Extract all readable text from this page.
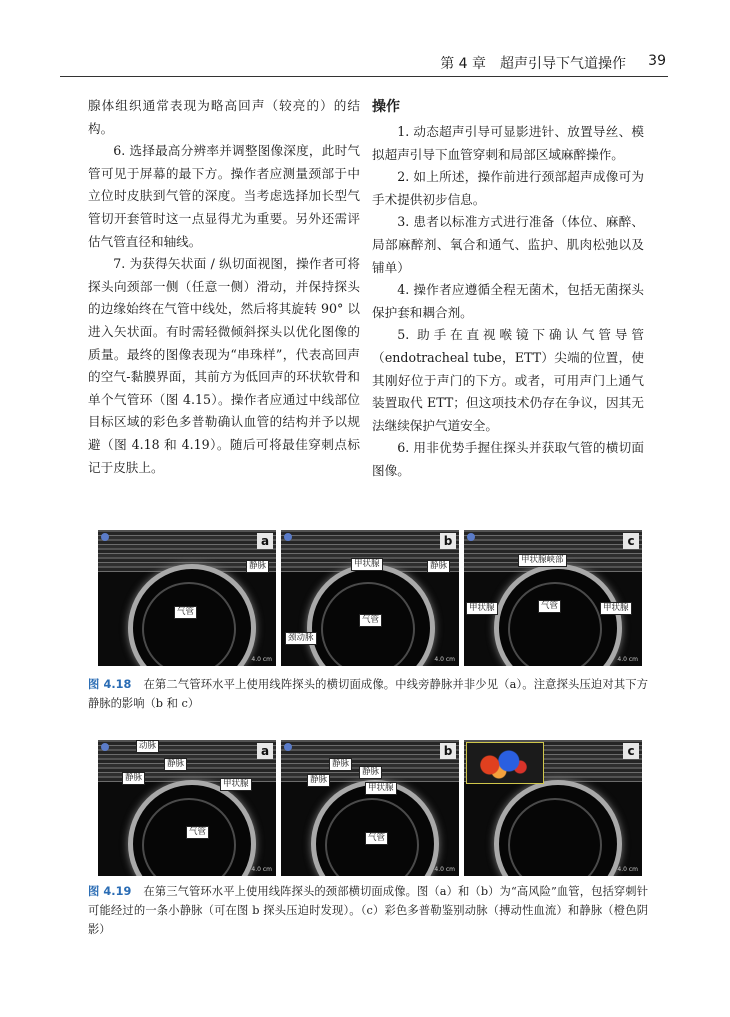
第 4 章　超声引导下气道操作 39

腺体组织通常表现为略高回声（较亮的）的结构。

6. 选择最高分辨率并调整图像深度，此时气管可见于屏幕的最下方。操作者应测量颈部于中立位时皮肤到气管的深度。当考虑选择加长型气管切开套管时这一点显得尤为重要。另外还需评估气管直径和轴线。

7. 为获得矢状面 / 纵切面视图，操作者可将探头向颈部一侧（任意一侧）滑动，并保持探头的边缘始终在气管中线处，然后将其旋转 90° 以进入矢状面。有时需轻微倾斜探头以优化图像的质量。最终的图像表现为“串珠样”，代表高回声的空气-黏膜界面，其前方为低回声的环状软骨和单个气管环（图 4.15）。操作者应通过中线部位目标区域的彩色多普勒确认血管的结构并予以规避（图 4.18 和 4.19）。随后可将最佳穿刺点标记于皮肤上。

操作

1. 动态超声引导可显影进针、放置导丝、模拟超声引导下血管穿刺和局部区域麻醉操作。

2. 如上所述，操作前进行颈部超声成像可为手术提供初步信息。

3. 患者以标准方式进行准备（体位、麻醉、局部麻醉剂、氧合和通气、监护、肌肉松弛以及铺单）

4. 操作者应遵循全程无菌术，包括无菌探头保护套和耦合剂。

5. 助手在直视喉镜下确认气管导管（endotracheal tube，ETT）尖端的位置，使其刚好位于声门的下方。或者，可用声门上通气装置取代 ETT；但这项技术仍存在争议，因其无法继续保护气道安全。

6. 用非优势手握住探头并获取气管的横切面图像。

a
静脉
气管
4.0 cm
b
甲状腺	静脉
气管
颈动脉
4.0 cm
c
甲状腺峡部
甲状腺	气管	甲状腺
4.0 cm
图 4.18 在第二气管环水平上使用线阵探头的横切面成像。中线旁静脉并非少见（a）。注意探头压迫对其下方静脉的影响（b 和 c）
a
动脉
静脉
静脉
甲状腺
气管
4.0 cm
b
静脉
静脉
静脉
甲状腺
气管
4.0 cm
c
4.0 cm
图 4.19 在第三气管环水平上使用线阵探头的颈部横切面成像。图（a）和（b）为“高风险”血管，包括穿刺针可能经过的一条小静脉（可在图 b 探头压迫时发现）。（c）彩色多普勒鉴别动脉（搏动性血流）和静脉（橙色阴影）
